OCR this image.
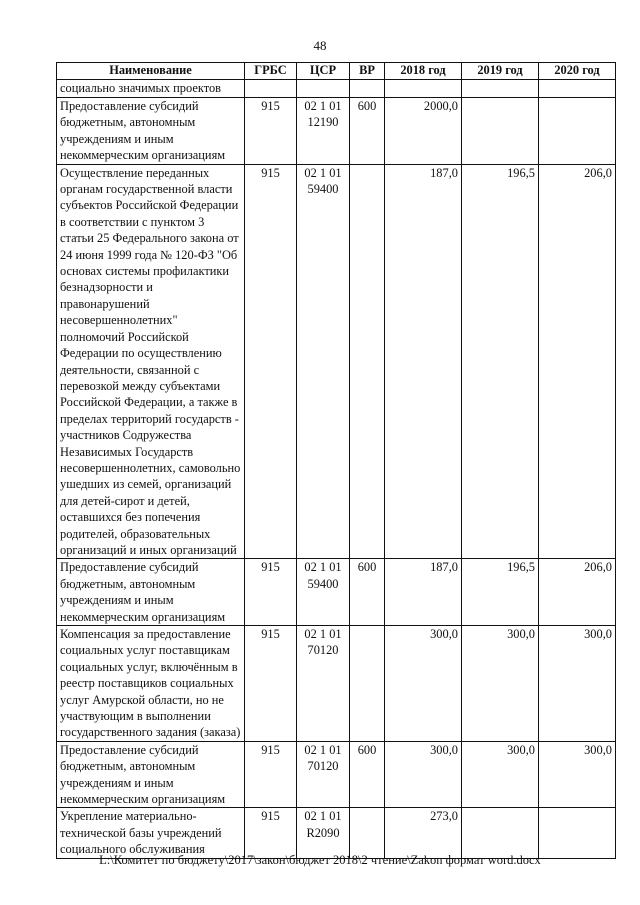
48
Наименование	ГРБС	ЦСР	ВР	2018 год	2019 год	2020 год
социально значимых проектов						
Предоставление субсидий бюджетным, автономным учреждениям и иным некоммерческим организациям	915	02 1 01 12190	600	2000,0		
Осуществление переданных органам государственной власти субъектов Российской Федерации в соответствии с пунктом 3 статьи 25 Федерального закона от 24 июня 1999 года № 120-ФЗ "Об основах системы профилактики безнадзорности и правонарушений несовершеннолетних" полномочий Российской Федерации по осуществлению деятельности, связанной с перевозкой между субъектами Российской Федерации, а также в пределах территорий государств - участников Содружества Независимых Государств несовершеннолетних, самовольно ушедших из семей, организаций для детей-сирот и детей, оставшихся без попечения родителей, образовательных организаций и иных организаций	915	02 1 01 59400		187,0	196,5	206,0
Предоставление субсидий бюджетным, автономным учреждениям и иным некоммерческим организациям	915	02 1 01 59400	600	187,0	196,5	206,0
Компенсация за предоставление социальных услуг поставщикам социальных услуг, включённым в реестр поставщиков социальных услуг Амурской области, но не участвующим в выполнении государственного задания (заказа)	915	02 1 01 70120		300,0	300,0	300,0
Предоставление субсидий бюджетным, автономным учреждениям и иным некоммерческим организациям	915	02 1 01 70120	600	300,0	300,0	300,0
Укрепление материально-технической базы учреждений социального обслуживания	915	02 1 01 R2090		273,0		
L:\Комитет по бюджету\2017\закон\бюджет 2018\2 чтение\Zakon формат word.docx
